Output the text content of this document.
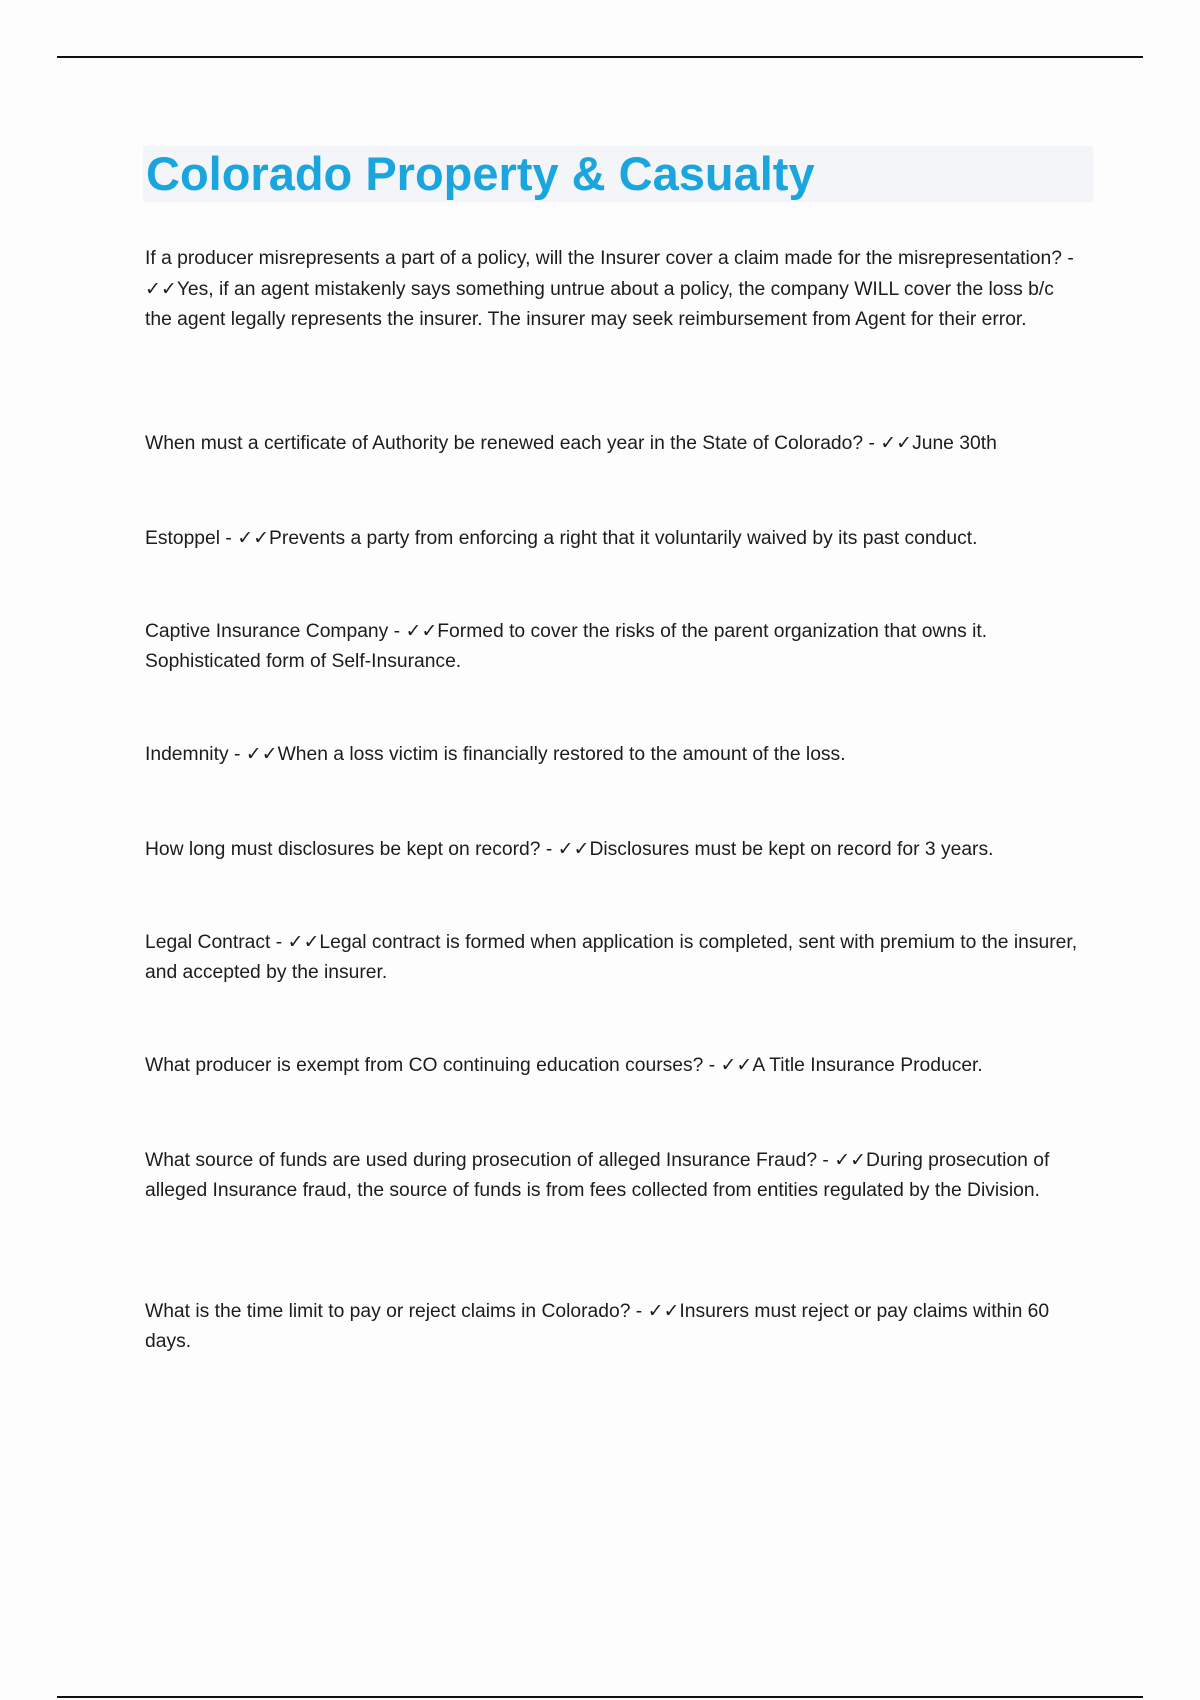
Colorado Property & Casualty

If a producer misrepresents a part of a policy, will the Insurer cover a claim made for the misrepresentation? - ✓✓Yes, if an agent mistakenly says something untrue about a policy, the company WILL cover the loss b/c the agent legally represents the insurer. The insurer may seek reimbursement from Agent for their error.

When must a certificate of Authority be renewed each year in the State of Colorado? - ✓✓June 30th

Estoppel - ✓✓Prevents a party from enforcing a right that it voluntarily waived by its past conduct.

Captive Insurance Company - ✓✓Formed to cover the risks of the parent organization that owns it. Sophisticated form of Self-Insurance.

Indemnity - ✓✓When a loss victim is financially restored to the amount of the loss.

How long must disclosures be kept on record? - ✓✓Disclosures must be kept on record for 3 years.

Legal Contract - ✓✓Legal contract is formed when application is completed, sent with premium to the insurer, and accepted by the insurer.

What producer is exempt from CO continuing education courses? - ✓✓A Title Insurance Producer.

What source of funds are used during prosecution of alleged Insurance Fraud? - ✓✓During prosecution of alleged Insurance fraud, the source of funds is from fees collected from entities regulated by the Division.

What is the time limit to pay or reject claims in Colorado? - ✓✓Insurers must reject or pay claims within 60 days.
